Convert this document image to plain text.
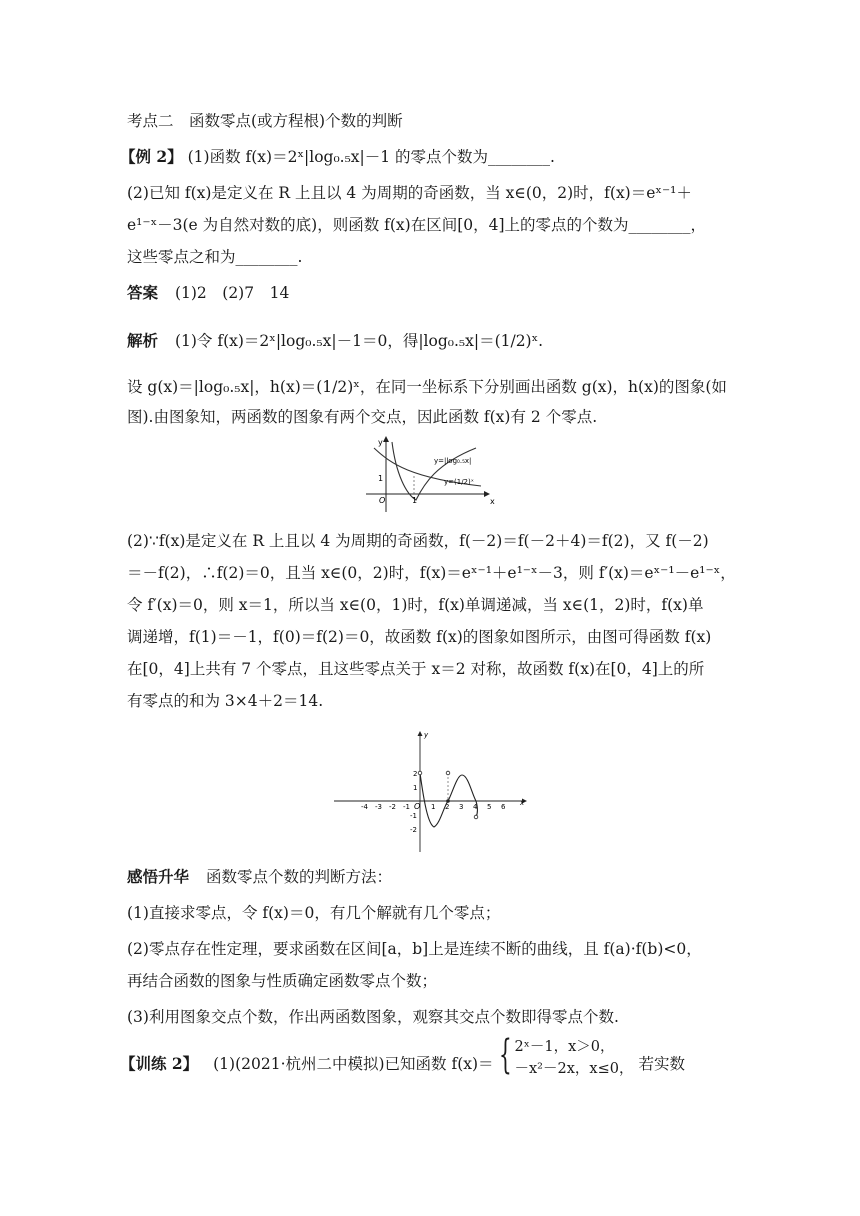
考点二　函数零点(或方程根)个数的判断
【例 2】 (1)函数 f(x)＝2ˣ|log₀.₅x|－1 的零点个数为________.
(2)已知 f(x)是定义在 R 上且以 4 为周期的奇函数，当 x∈(0，2)时，f(x)＝eˣ⁻¹＋
e¹⁻ˣ－3(e 为自然对数的底)，则函数 f(x)在区间[0，4]上的零点的个数为________，
这些零点之和为________.
答案 (1)2　(2)7　14
解析 (1)令 f(x)＝2ˣ|log₀.₅x|－1＝0，得|log₀.₅x|＝(1/2)ˣ.
设 g(x)＝|log₀.₅x|，h(x)＝(1/2)ˣ，在同一坐标系下分别画出函数 g(x)，h(x)的图象(如
图).由图象知，两函数的图象有两个交点，因此函数 f(x)有 2 个零点.
y
x
O
1
1
y=|log₀.₅x|
y=(1/2)ˣ
(2)∵f(x)是定义在 R 上且以 4 为周期的奇函数，f(－2)＝f(－2＋4)＝f(2)，又 f(－2)
＝－f(2)，∴f(2)＝0，且当 x∈(0，2)时，f(x)＝eˣ⁻¹＋e¹⁻ˣ－3，则 f′(x)＝eˣ⁻¹－e¹⁻ˣ，
令 f′(x)＝0，则 x＝1，所以当 x∈(0，1)时，f(x)单调递减，当 x∈(1，2)时，f(x)单
调递增，f(1)＝－1，f(0)＝f(2)＝0，故函数 f(x)的图象如图所示，由图可得函数 f(x)
在[0，4]上共有 7 个零点，且这些零点关于 x＝2 对称，故函数 f(x)在[0，4]上的所
有零点的和为 3×4＋2＝14.
y
x
O
-4 -3 -2 -1	1 2 3 4 5 6
2
1
-1
-2
感悟升华 函数零点个数的判断方法：
(1)直接求零点，令 f(x)＝0，有几个解就有几个零点；
(2)零点存在性定理，要求函数在区间[a，b]上是连续不断的曲线，且 f(a)·f(b)<0，
再结合函数的图象与性质确定函数零点个数；
(3)利用图象交点个数，作出两函数图象，观察其交点个数即得零点个数.
【训练 2】 (1)(2021·杭州二中模拟)已知函数 f(x)＝ { 2ˣ－1，x＞0，
－x²－2x，x≤0， 若实数
